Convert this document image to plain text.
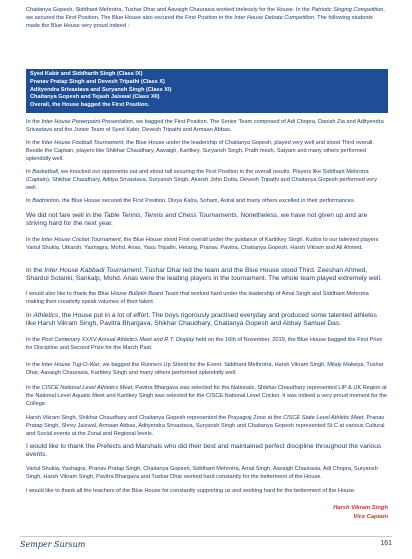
Chaitanya Gopesh, Siddhant Mehrotra, Tushar Dhar and Aavaigh Chaurasia worked tirelessly for the House. In the Patriotic Singing Competition, we secured the First Position. The Blue House also secured the First Position in the Inter House Debate Competition. The following students made the Blue House very proud indeed :

Syed Kabir and Siddharth Singh (Class IX)
Pranav Pratap Singh and Devesh Tripathi (Class X)
Adityendra Srivastava and Suryansh Singh (Class XI)
Chaitanya Gopesh and Tejash Jaiswal (Class XII)
Overall, the House bagged the First Position.

In the Inter House Powerpoint Presentation, we bagged the First Position. The Senior Team comprised of Adi Chopra, Danish Zia and Adityendra Srivastava and the Junior Team of Syed Kabir, Devesh Tripathi and Armaan Abbas.

In the Inter House Football Tournament, the Blue House under the leadership of Chaitanya Gopesh, played very well and stood Third overall. Beside the Captain, players like Shikhar Chaudhary, Aavaigh, Kartikey, Suryansh Singh, Prath mesh, Satyam and many others performed splendidly well.

In Basketball, we knocked our opponents out and stood tall securing the First Position in the overall results. Players like Siddhant Mehrotra (Captain), Shikhar Chaudhary, Aditya Srivastava, Suryansh Singh, Akarsh John Dutta, Devesh Tripathi and Chaitanya Gopesh performed very well.

In Badminton, the Blue House secured the First Position. Divya Kalra, Soham, Aviral and many others excelled in their performances.

We did not fare well in the Table Tennis, Tennis and Chess Tournaments. Nonetheless, we have not given up and are striving hard for the next year.

In the Inter House Cricket Tournament, the Blue House stood First overall under the guidance of Kartitkey Singh. Kudos to our talented players Vartul Shukla, Utkarsh, Yashagra, Mohd. Anas, Yasu Tripathi, Hetang, Pranav, Pavitra, Chaitanya Gopesh, Harsh Vikram and Ali Ahmed.

In the Inter House Kabbadi Tournament, Tushar Dhar led the team and the Blue House stood Third. Zeeshan Ahmed, Shardul Solanki, Sankalp, Mohd. Anas were the leading players in the tournament. The whole team played extremely well.

I would also like to thank the Blue House Bulletin Board Team that worked hard under the leadership of Amal Singh and Siddhant Mehrotra making their creativity speak volumes of their talent.

In Athletics, the House put in a lot of effort. The boys rigorously practised everyday and produced some talented athletes like Harsh Vikram Singh, Pavitra Bhargava, Shikhar Chaudhary, Chaitanya Gopesh and Abhay Samuel Das.

In the Post Centenary XXXV Annual Athletics Meet and R.T. Display held on the 16th of November, 2019, the Blue House bagged the First Prize for Discipline and Second Prize for the March Past.

In the Inter House Tug-O-War, we bagged the Runners Up Shield for the Event. Siddhant Melhrotra, Harsh Vikram Singh, Milaly Malwiya, Tushar Dhar, Aavaigh Chaurasia, Kartikey Singh and many others performed splendidly well.

In the CISCE National Level Athletics Meet, Pavitra Bhargava was selected for the Nationals, Shikhar Chaudhary represented LIP & UK Region at the National Level Aquatic Meet and Kartikey Singh was selected for the CISCE National Level Cricket. It was indeed a very proud moment for the College.

Harsh Vikram Singh, Shikhar Chaudhary and Chaitanya Gopesh represented the Prayagraj Zone at the CISCE State Level Athletic Meet. Pranav Pratap Singh, Shrey Jaiswal, Armaan Abbas, Adityendra Srivastava, Suryansh Singh and Chaitanya Gopesh represented St C at various Cultural and Social events at the Zonal and Regional levels.

I would like to thank the Prefects and Marshals who did their best and maintained perfect discipline throughout the various events.

Vartul Shukla, Yashagra, Pranav Pratap Singh, Chaitanya Gopesh, Siddhant Mehrotra, Amal Singh, Aavaigh Chaurasia, Adi Chopra, Suryansh Singh, Harsh Vikram Singh, Pavitra Bhargava and Tushar Dhar worked hard constantly for the betterment of the House.

I would like to thank all the teachers of the Blue House for constantly supporting us and working hard for the betterment of the House.

Harsh Vikram Singh
Vice Captain
Semper Sursum	161
